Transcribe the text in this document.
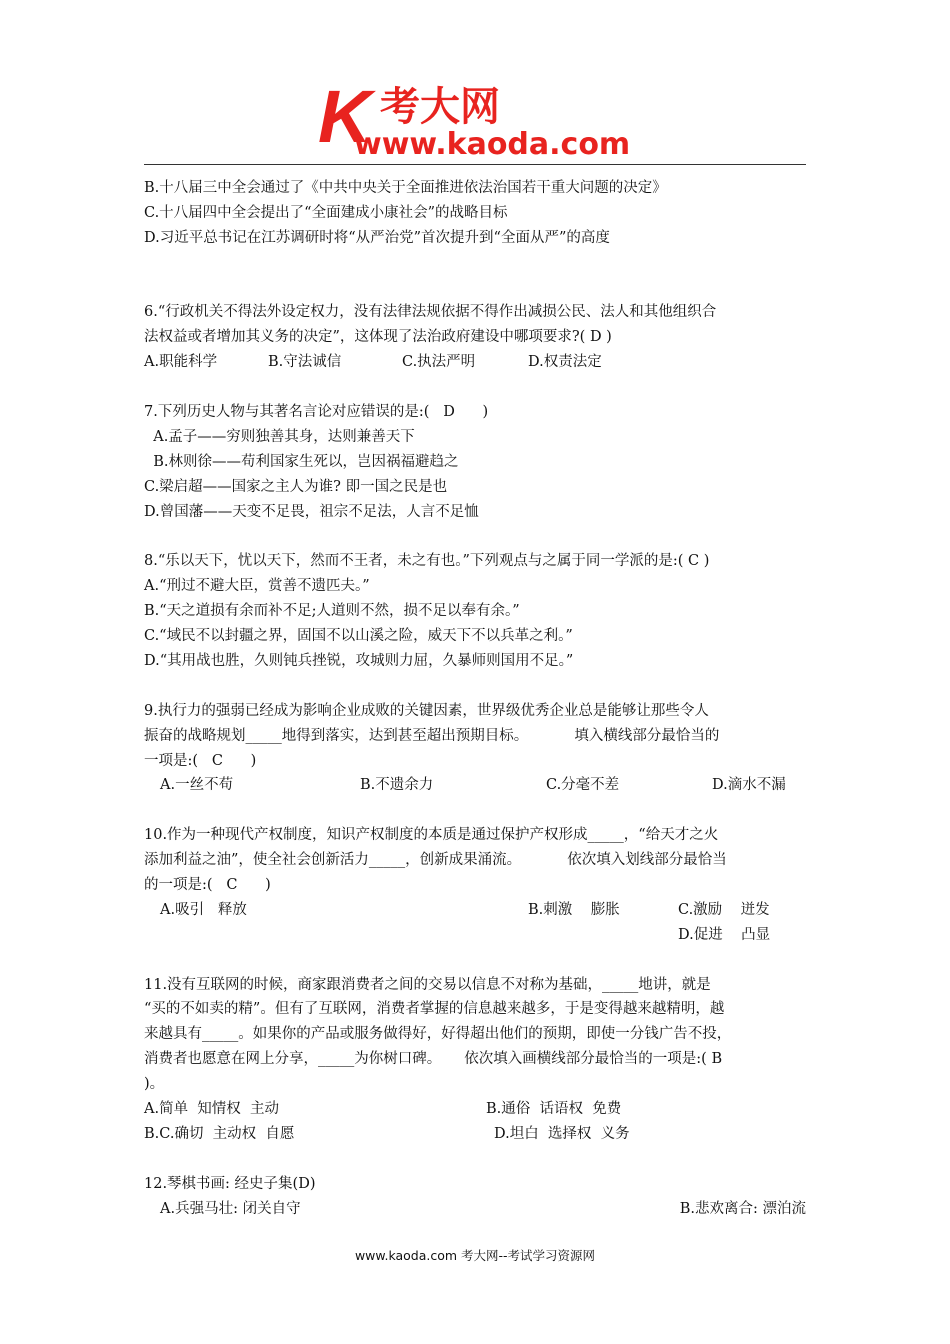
K 考大网
www.kaoda.com
B.十八届三中全会通过了《中共中央关于全面推进依法治国若干重大问题的决定》
C.十八届四中全会提出了“全面建成小康社会”的战略目标
D.习近平总书记在江苏调研时将“从严治党”首次提升到“全面从严”的高度
6.“行政机关不得法外设定权力，没有法律法规依据不得作出减损公民、法人和其他组织合
法权益或者增加其义务的决定”，这体现了法治政府建设中哪项要求?( D )
A.职能科学	B.守法诚信	C.执法严明	D.权责法定
7.下列历史人物与其著名言论对应错误的是:(   D      )
A.孟子——穷则独善其身，达则兼善天下
B.林则徐——苟利国家生死以，岂因祸福避趋之
C.梁启超——国家之主人为谁? 即一国之民是也
D.曾国藩——天变不足畏，祖宗不足法，人言不足恤
8.“乐以天下，忧以天下，然而不王者，未之有也。”下列观点与之属于同一学派的是:( C )
A.“刑过不避大臣，赏善不遗匹夫。”
B.“天之道损有余而补不足;人道则不然，损不足以奉有余。”
C.“域民不以封疆之界，固国不以山溪之险，威天下不以兵革之利。”
D.“其用战也胜，久则钝兵挫锐，攻城则力屈，久暴师则国用不足。”
9.执行力的强弱已经成为影响企业成败的关键因素，世界级优秀企业总是能够让那些令人
振奋的战略规划_____地得到落实，达到甚至超出预期目标。          填入横线部分最恰当的
一项是:(   C      )
A.一丝不苟	B.不遗余力	C.分毫不差	D.滴水不漏
10.作为一种现代产权制度，知识产权制度的本质是通过保护产权形成_____，“给天才之火
添加利益之油”，使全社会创新活力_____，创新成果涌流。          依次填入划线部分最恰当
的一项是:(   C      )
A.吸引   释放	B.刺激    膨胀	C.激励    迸发
D.促进    凸显
11.没有互联网的时候，商家跟消费者之间的交易以信息不对称为基础，_____地讲，就是
“买的不如卖的精”。但有了互联网，消费者掌握的信息越来越多，于是变得越来越精明，越
来越具有_____。如果你的产品或服务做得好，好得超出他们的预期，即使一分钱广告不投，
消费者也愿意在网上分享，_____为你树口碑。     依次填入画横线部分最恰当的一项是:( B
)。
A.简单  知情权  主动	B.通俗  话语权  免费
B.C.确切  主动权  自愿	D.坦白  选择权  义务
12.琴棋书画: 经史子集(D)
A.兵强马壮: 闭关自守	B.悲欢离合: 漂泊流
www.kaoda.com 考大网--考试学习资源网
